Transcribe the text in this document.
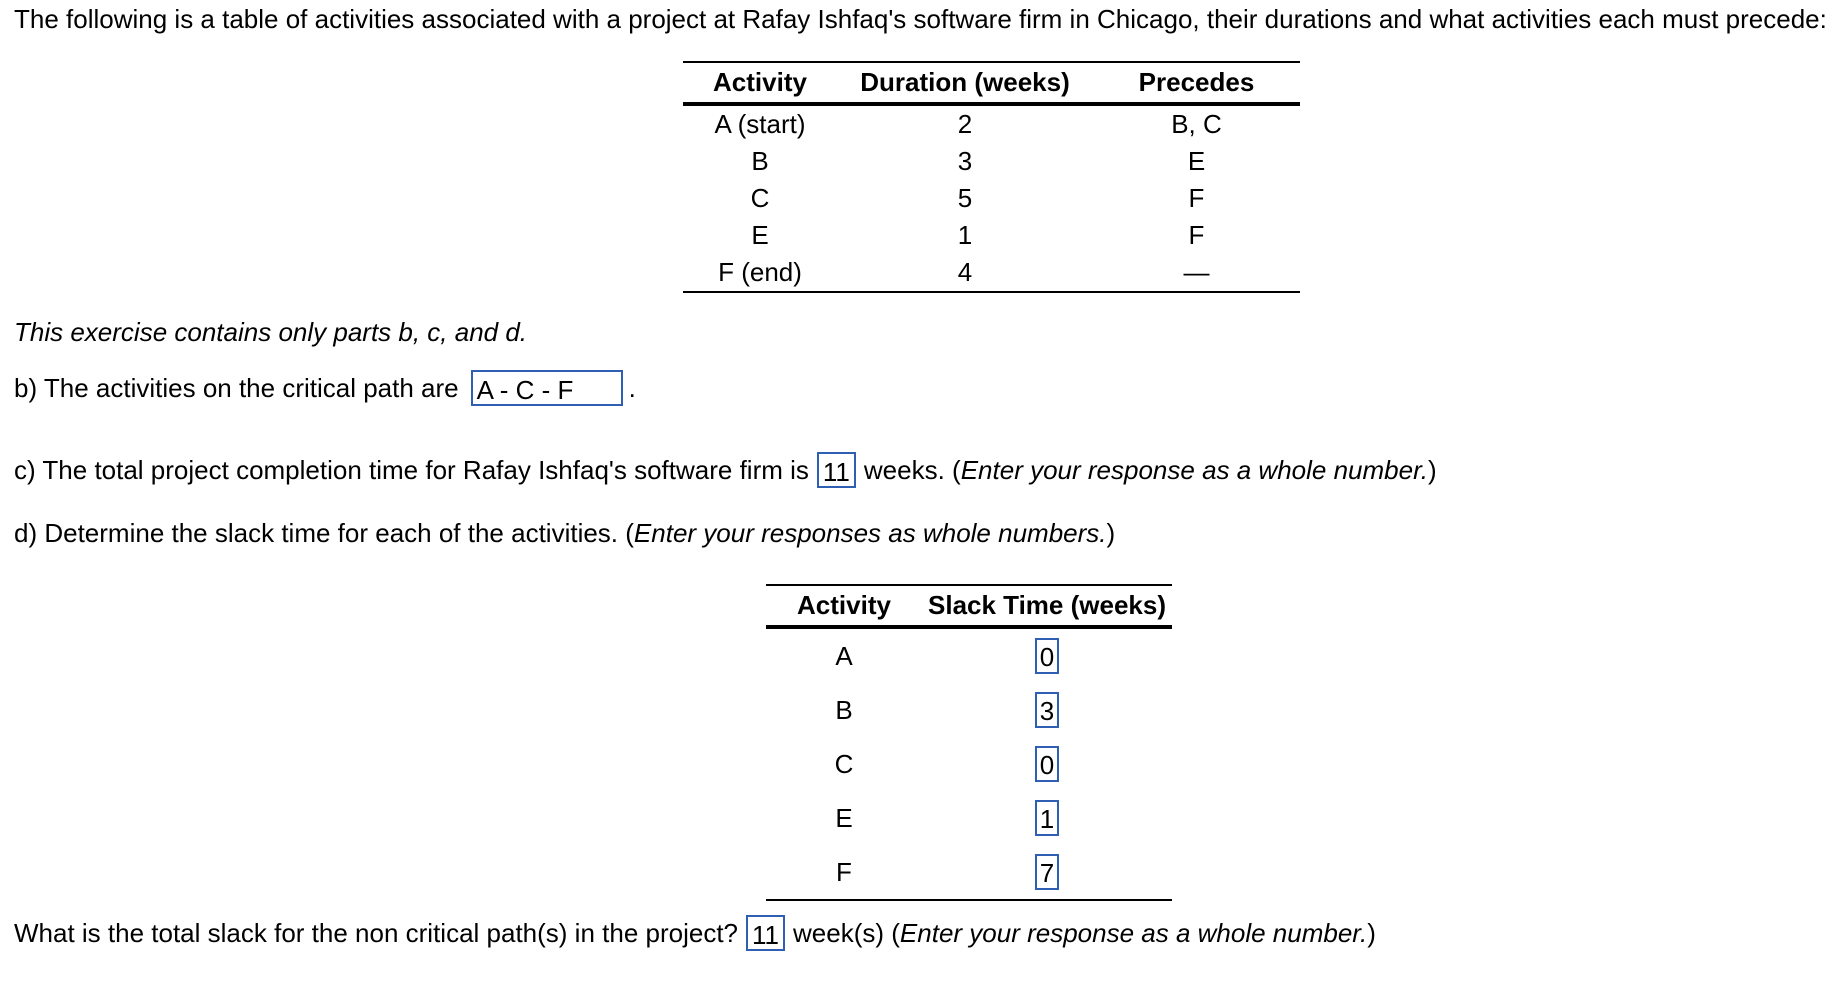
The following is a table of activities associated with a project at Rafay Ishfaq's software firm in Chicago, their durations and what activities each must precede:
Activity	Duration (weeks)	Precedes
A (start)	2	B, C
B	3	E
C	5	F
E	1	F
F (end)	4	—
This exercise contains only parts b, c, and d.
b) The activities on the critical path are A - C - F	.
c) The total project completion time for Rafay Ishfaq's software firm is 11 weeks. ( Enter your response as a whole number. )
d) Determine the slack time for each of the activities. (Enter your responses as whole numbers.)
Activity	Slack Time (weeks)
A	0
B	3
C	0
E	1
F	7
What is the total slack for the non critical path(s) in the project? 11 week(s) ( Enter your response as a whole number. )
